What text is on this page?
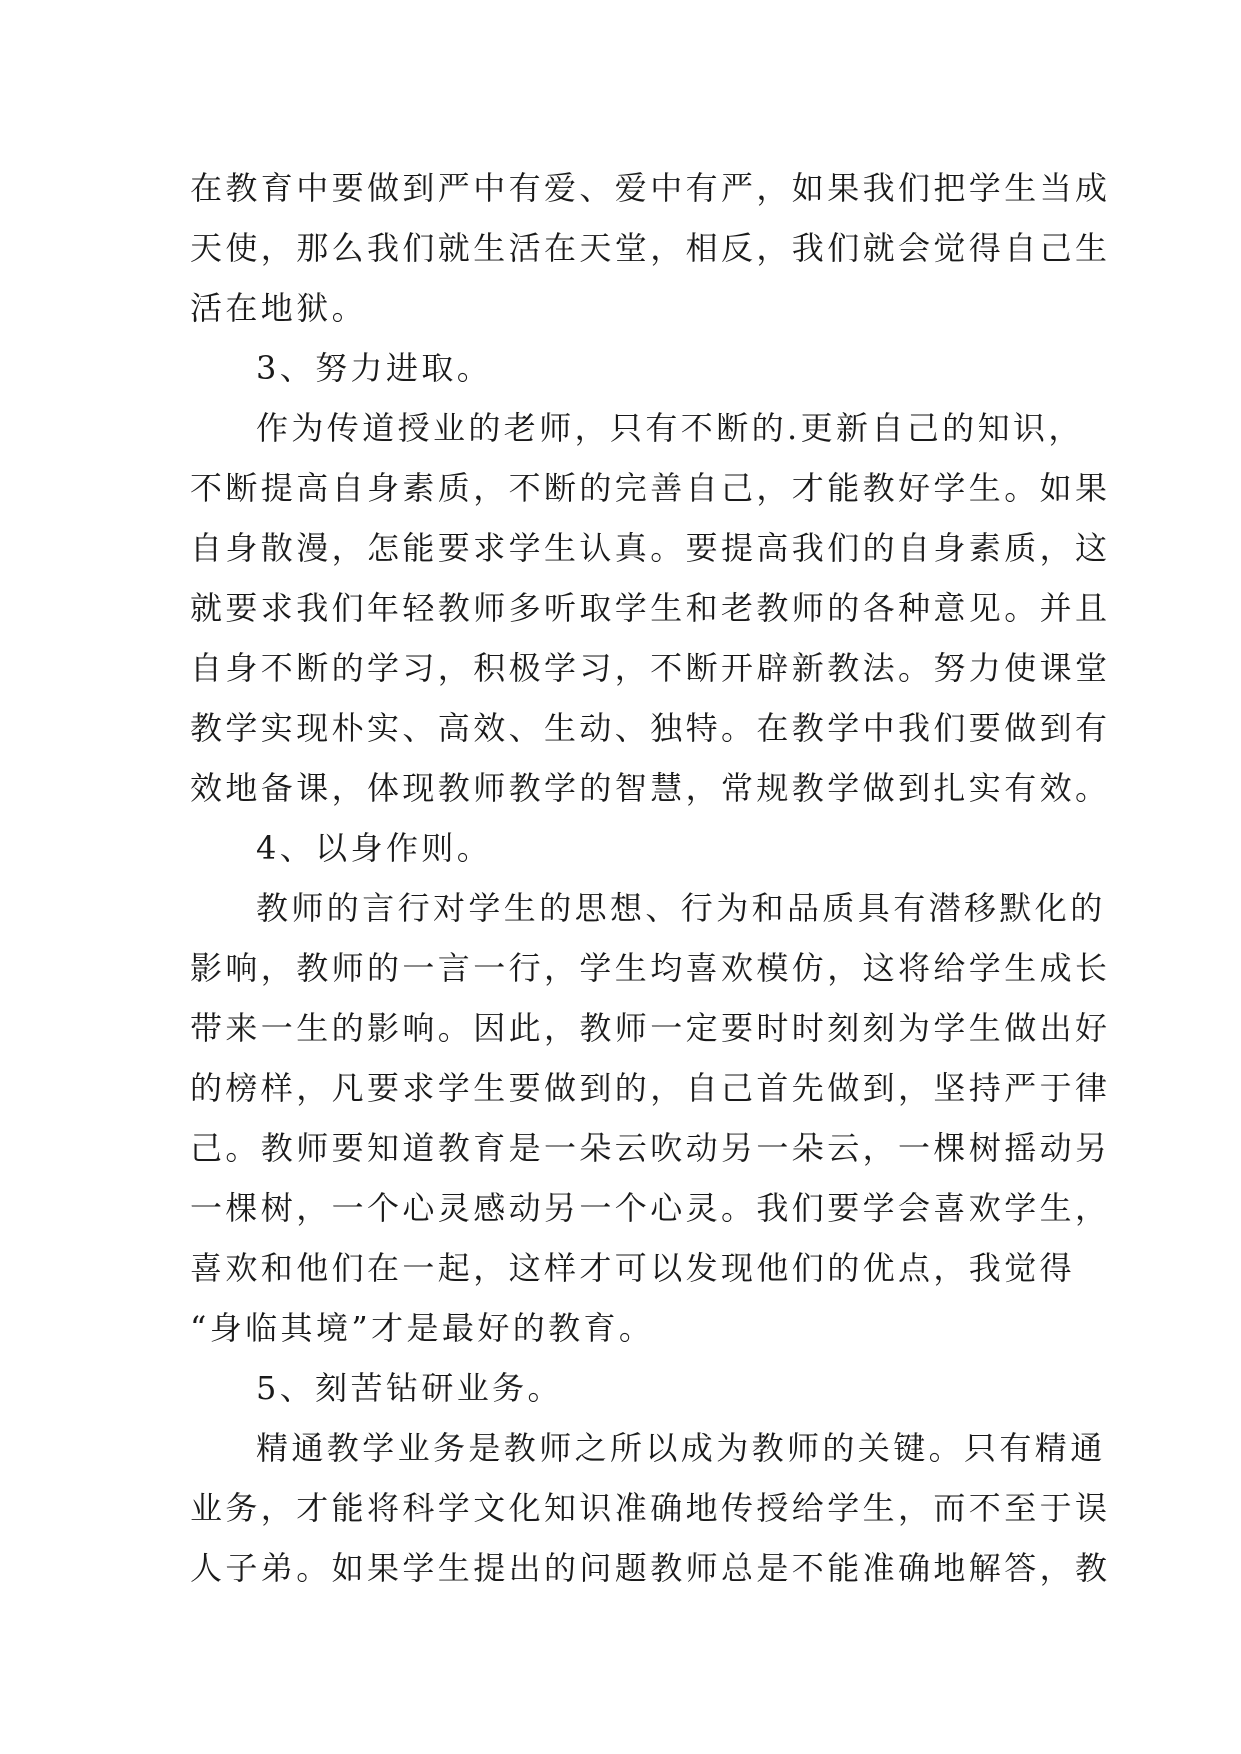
在教育中要做到严中有爱、爱中有严，如果我们把学生当成
天使，那么我们就生活在天堂，相反，我们就会觉得自己生
活在地狱。
3、努力进取。
作为传道授业的老师，只有不断的.更新自己的知识，
不断提高自身素质，不断的完善自己，才能教好学生。如果
自身散漫，怎能要求学生认真。要提高我们的自身素质，这
就要求我们年轻教师多听取学生和老教师的各种意见。并且
自身不断的学习，积极学习，不断开辟新教法。努力使课堂
教学实现朴实、高效、生动、独特。在教学中我们要做到有
效地备课，体现教师教学的智慧，常规教学做到扎实有效。
4、以身作则。
教师的言行对学生的思想、行为和品质具有潜移默化的
影响，教师的一言一行，学生均喜欢模仿，这将给学生成长
带来一生的影响。因此，教师一定要时时刻刻为学生做出好
的榜样，凡要求学生要做到的，自己首先做到，坚持严于律
己。教师要知道教育是一朵云吹动另一朵云，一棵树摇动另
一棵树，一个心灵感动另一个心灵。我们要学会喜欢学生，
喜欢和他们在一起，这样才可以发现他们的优点，我觉得
“身临其境”才是最好的教育。
5、刻苦钻研业务。
精通教学业务是教师之所以成为教师的关键。只有精通
业务，才能将科学文化知识准确地传授给学生，而不至于误
人子弟。如果学生提出的问题教师总是不能准确地解答，教
